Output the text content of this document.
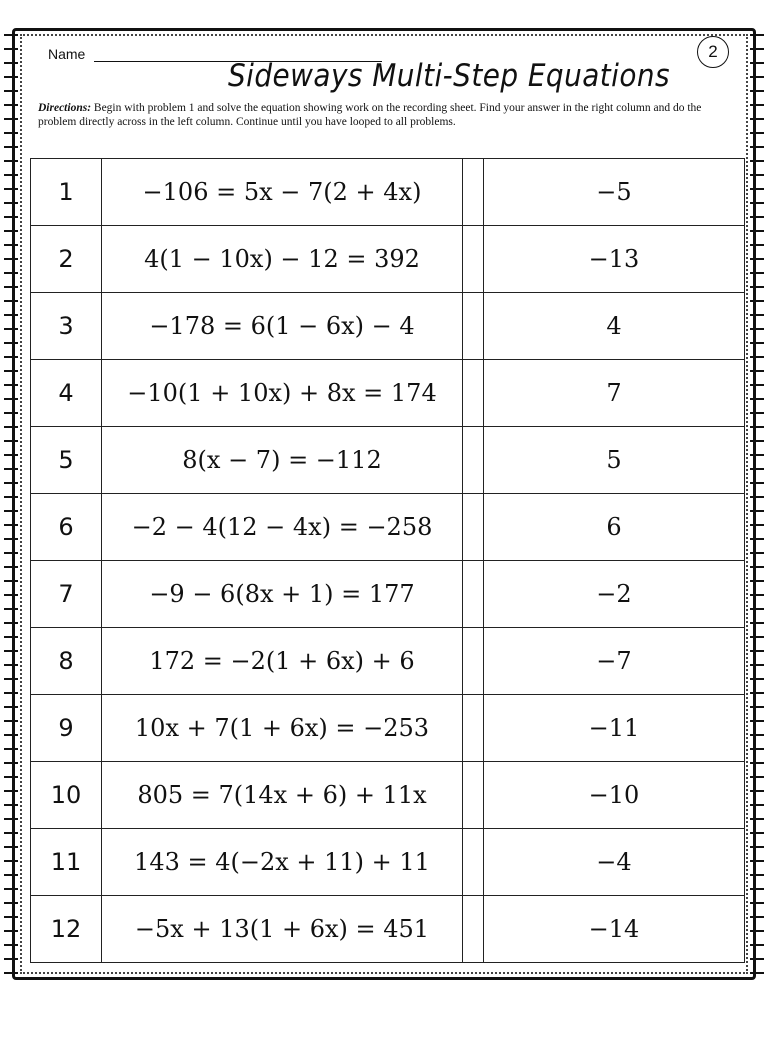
Name	2
Sideways Multi-Step Equations
Directions: Begin with problem 1 and solve the equation showing work on the recording sheet. Find your answer in the right column and do the problem directly across in the left column. Continue until you have looped to all problems.
1	−106 = 5x − 7(2 + 4x)		−5
2	4(1 − 10x) − 12 = 392		−13
3	−178 = 6(1 − 6x) − 4		4
4	−10(1 + 10x) + 8x = 174		7
5	8(x − 7) = −112		5
6	−2 − 4(12 − 4x) = −258		6
7	−9 − 6(8x + 1) = 177		−2
8	172 = −2(1 + 6x) + 6		−7
9	10x + 7(1 + 6x) = −253		−11
10	805 = 7(14x + 6) + 11x		−10
11	143 = 4(−2x + 11) + 11		−4
12	−5x + 13(1 + 6x) = 451		−14
